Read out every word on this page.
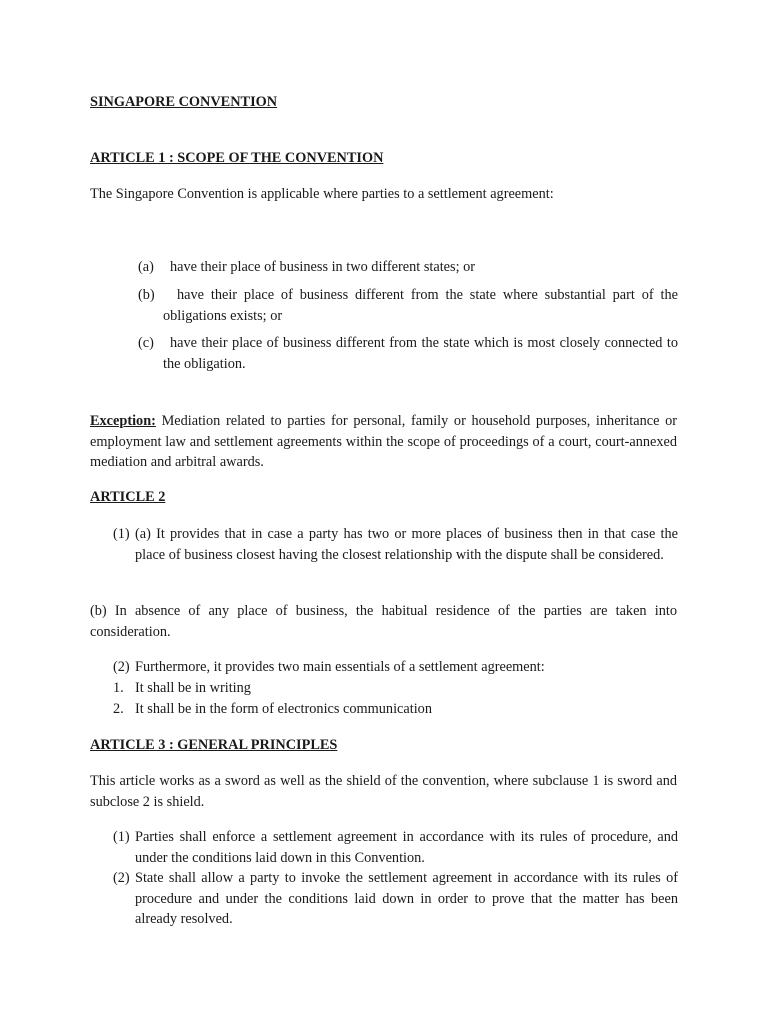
SINGAPORE CONVENTION
ARTICLE 1 : SCOPE OF THE CONVENTION
The Singapore Convention is applicable where parties to a settlement agreement:
(a) have their place of business in two different states; or
(b)	have their place of business different from the state where substantial part of the obligations exists; or
(c)	have their place of business different from the state which is most closely connected to the obligation.
Exception: Mediation related to parties for personal, family or household purposes, inheritance or employment law and settlement agreements within the scope of proceedings of a court, court-annexed mediation and arbitral awards.
ARTICLE 2
(1) (a) It provides that in case a party has two or more places of business then in that case the place of business closest having the closest relationship with the dispute shall be considered.
(b) In absence of any place of business, the habitual residence of the parties are taken into consideration.
(2) Furthermore, it provides two main essentials of a settlement agreement:
1. It shall be in writing
2. It shall be in the form of electronics communication
ARTICLE 3 : GENERAL PRINCIPLES
This article works as a sword as well as the shield of the convention, where subclause 1 is sword and subclose 2 is shield.
(1) Parties shall enforce a settlement agreement in accordance with its rules of procedure, and under the conditions laid down in this Convention.
(2) State shall allow a party to invoke the settlement agreement in accordance with its rules of procedure and under the conditions laid down in order to prove that the matter has been already resolved.
